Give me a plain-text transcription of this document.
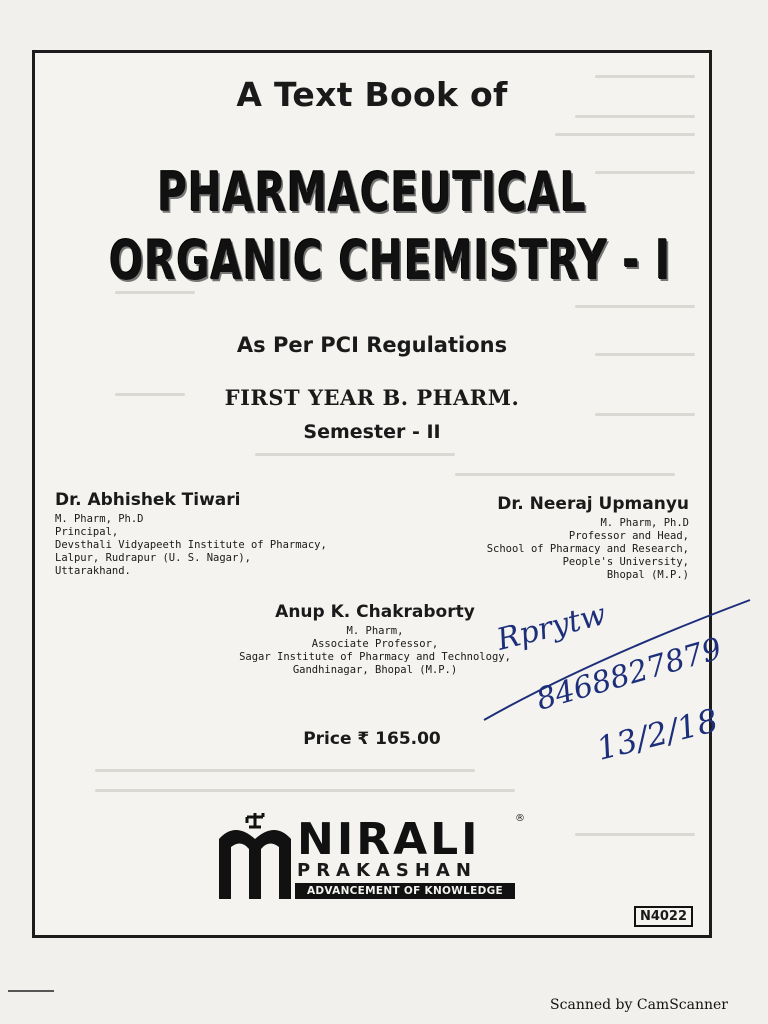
A Text Book of
PHARMACEUTICAL
ORGANIC CHEMISTRY - I
As Per PCI Regulations
FIRST YEAR B. PHARM.
Semester - II
Dr. Abhishek Tiwari
M. Pharm, Ph.D
Principal,
Devsthali Vidyapeeth Institute of Pharmacy,
Lalpur, Rudrapur (U. S. Nagar),
Uttarakhand.
Dr. Neeraj Upmanyu
M. Pharm, Ph.D
Professor and Head,
School of Pharmacy and Research,
People's University,
Bhopal (M.P.)
Anup K. Chakraborty
M. Pharm,
Associate Professor,
Sagar Institute of Pharmacy and Technology,
Gandhinagar, Bhopal (M.P.)
Price ₹ 165.00
NIRALI	®
PRAKASHAN
ADVANCEMENT OF KNOWLEDGE
N4022
Rprytw
8468827879
13/2/18
Scanned by CamScanner
